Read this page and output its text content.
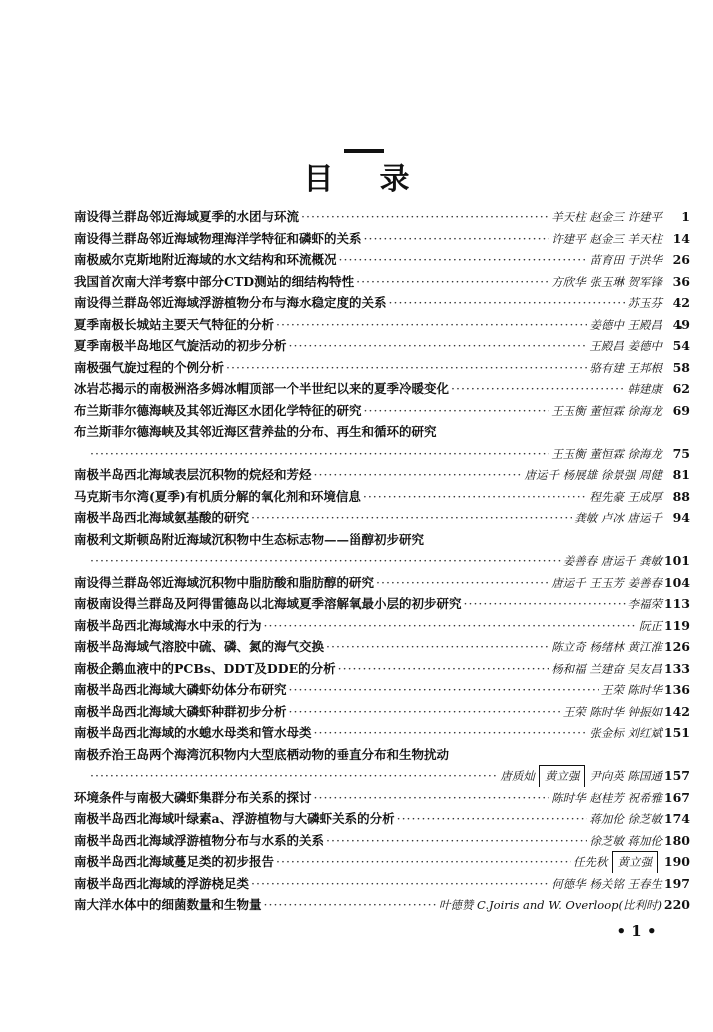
目录
南设得兰群岛邻近海域夏季的水团与环流 ·····	羊天柱 赵金三 许建平	1
南设得兰群岛邻近海域物理海洋学特征和磷虾的关系 ·····	许建平 赵金三 羊天柱 14
南极威尔克斯地附近海域的水文结构和环流概况 ·····	苗育田 于洪华 26
我国首次南大洋考察中部分CTD测站的细结构特性 ·····	方欣华 张玉琳 贺军锋 36
南设得兰群岛邻近海域浮游植物分布与海水稳定度的关系 ·····	苏玉芬 42
夏季南极长城站主要天气特征的分析 ·····	姜德中 王殿昌 49
夏季南极半岛地区气旋活动的初步分析 ·····	王殿昌 姜德中 54
南极强气旋过程的个例分析 ·····	骆有建 王邦根 58
冰岩芯揭示的南极洲洛多姆冰帽顶部一个半世纪以来的夏季冷暖变化 ·····	韩建康 62
布兰斯菲尔德海峡及其邻近海区水团化学特征的研究 ·····	王玉衡 董恒霖 徐海龙 69
布兰斯菲尔德海峡及其邻近海区营养盐的分布、再生和循环的研究
·····
王玉衡 董恒霖 徐海龙 75
南极半岛西北海域表层沉积物的烷烃和芳烃 ·····	唐运千 杨展雄 徐景强 周健 81
马克斯韦尔湾(夏季)有机质分解的氧化剂和环境信息 ·····	程先豪 王成厚 88
南极半岛西北海域氨基酸的研究 ·····	龚敏 卢冰 唐运千 94
南极利文斯顿岛附近海域沉积物中生态标志物——甾醇初步研究
·····
姜善春 唐运千 龚敏 101
南设得兰群岛邻近海域沉积物中脂肪酸和脂肪醇的研究 ·····	唐运千 王玉芳 姜善春 104
南极南设得兰群岛及阿得雷德岛以北海域夏季溶解氧最小层的初步研究 ·····	李福荣 113
南极半岛西北海域海水中汞的行为 ·····	阮正 119
南极半岛海域气溶胶中硫、磷、氮的海气交换 ·····	陈立奇 杨绪林 黄江淮 126
南极企鹅血液中的PCBs、DDT及DDE的分析 ·····	杨和福 兰建奋 吴友昌 133
南极半岛西北海域大磷虾幼体分布研究 ·····	王荣 陈时华 136
南极半岛西北海域大磷虾种群初步分析 ·····	王荣 陈时华 钟振如 142
南极半岛西北海域的水螅水母类和管水母类 ·····	张金标 刘红斌 151
南极乔治王岛两个海湾沉积物内大型底栖动物的垂直分布和生物扰动
·····
唐质灿 黄立强 尹向英 陈国通 157
环境条件与南极大磷虾集群分布关系的探讨 ·····	陈时华 赵桂芳 祝希雅 167
南极半岛西北海域叶绿素a、浮游植物与大磷虾关系的分析 ·····	蒋加伦 徐芝敏 174
南极半岛西北海域浮游植物分布与水系的关系 ·····	徐芝敏 蒋加伦 180
南极半岛西北海域蔓足类的初步报告 ·····	任先秋 黄立强 190
南极半岛西北海域的浮游桡足类 ·····	何德华 杨关铭 王春生 197
南大洋水体中的细菌数量和生物量 ·····	叶德赞 C.Joiris and W. Overloop(比利时) 220
• 1 •
